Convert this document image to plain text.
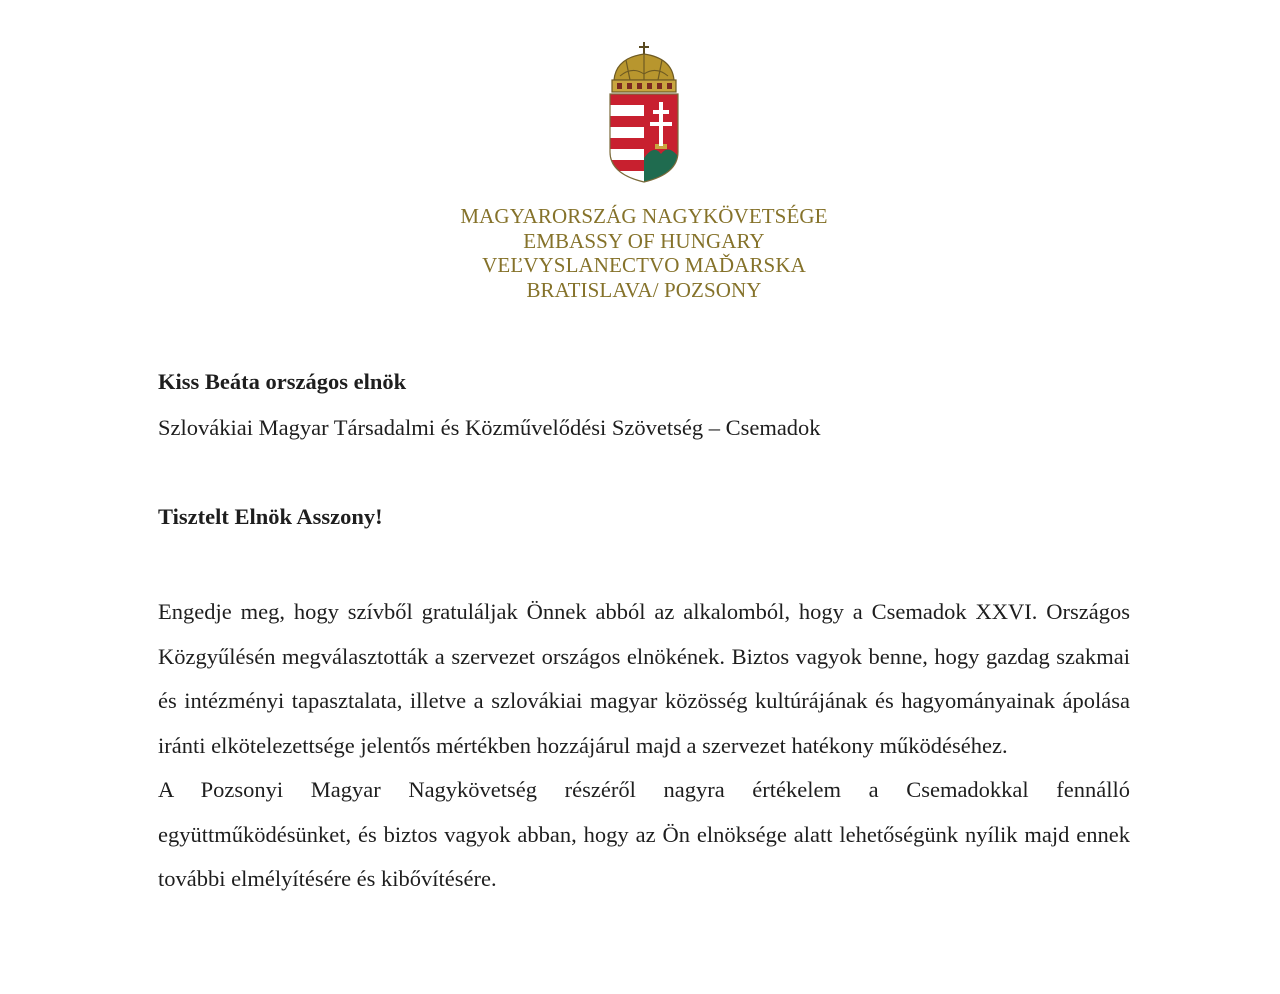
MAGYARORSZÁG NAGYKÖVETSÉGE
EMBASSY OF HUNGARY
VEĽVYSLANECTVO MAĎARSKA
BRATISLAVA/ POZSONY
Kiss Beáta országos elnök
Szlovákiai Magyar Társadalmi és Közművelődési Szövetség – Csemadok
Tisztelt Elnök Asszony!

Engedje meg, hogy szívből gratuláljak Önnek abból az alkalomból, hogy a Csemadok XXVI. Országos Közgyűlésén megválasztották a szervezet országos elnökének. Biztos vagyok benne, hogy gazdag szakmai és intézményi tapasztalata, illetve a szlovákiai magyar közösség kultúrájának és hagyományainak ápolása iránti elkötelezettsége jelentős mértékben hozzájárul majd a szervezet hatékony működéséhez.

A Pozsonyi Magyar Nagykövetség részéről nagyra értékelem a Csemadokkal fennálló együttműködésünket, és biztos vagyok abban, hogy az Ön elnöksége alatt lehetőségünk nyílik majd ennek további elmélyítésére és kibővítésére.
